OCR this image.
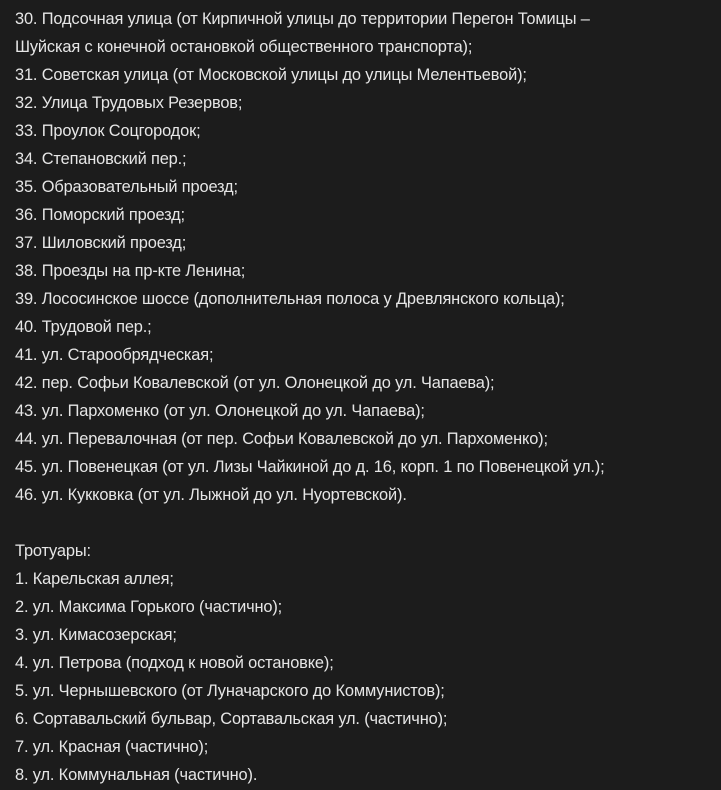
30. Подсочная улица (от Кирпичной улицы до территории Перегон Томицы –
Шуйская с конечной остановкой общественного транспорта);
31. Советская улица (от Московской улицы до улицы Мелентьевой);
32. Улица Трудовых Резервов;
33. Проулок Соцгородок;
34. Степановский пер.;
35. Образовательный проезд;
36. Поморский проезд;
37. Шиловский проезд;
38. Проезды на пр-кте Ленина;
39. Лососинское шоссе (дополнительная полоса у Древлянского кольца);
40. Трудовой пер.;
41. ул. Старообрядческая;
42. пер. Софьи Ковалевской (от ул. Олонецкой до ул. Чапаева);
43. ул. Пархоменко (от ул. Олонецкой до ул. Чапаева);
44. ул. Перевалочная (от пер. Софьи Ковалевской до ул. Пархоменко);
45. ул. Повенецкая (от ул. Лизы Чайкиной до д. 16, корп. 1 по Повенецкой ул.);
46. ул. Кукковка (от ул. Лыжной до ул. Нуортевской).
Тротуары:
1. Карельская аллея;
2. ул. Максима Горького (частично);
3. ул. Кимасозерская;
4. ул. Петрова (подход к новой остановке);
5. ул. Чернышевского (от Луначарского до Коммунистов);
6. Сортавальский бульвар, Сортавальская ул. (частично);
7. ул. Красная (частично);
8. ул. Коммунальная (частично).
